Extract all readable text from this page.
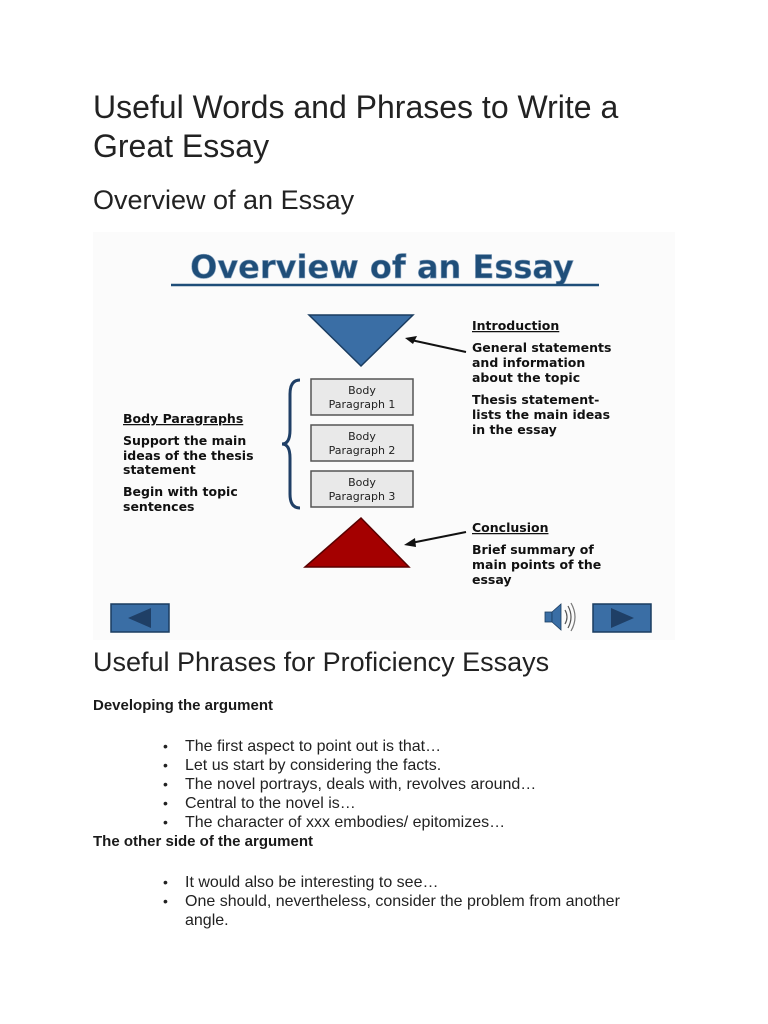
Useful Words and Phrases to Write a Great Essay
Overview of an Essay
Overview of an Essay
Introduction
General statements and information about the topic
Thesis statement- lists the main ideas in the essay
Body
Paragraph 1
Body
Paragraph 2
Body
Paragraph 3
Body Paragraphs
Support the main ideas of the thesis statement
Begin with topic sentences
Conclusion
Brief summary of main points of the essay
Useful Phrases for Proficiency Essays
Developing the argument
• The first aspect to point out is that…
• Let us start by considering the facts.
• The novel portrays, deals with, revolves around…
• Central to the novel is…
• The character of xxx embodies/ epitomizes…
The other side of the argument
• It would also be interesting to see…
• One should, nevertheless, consider the problem from another angle.
